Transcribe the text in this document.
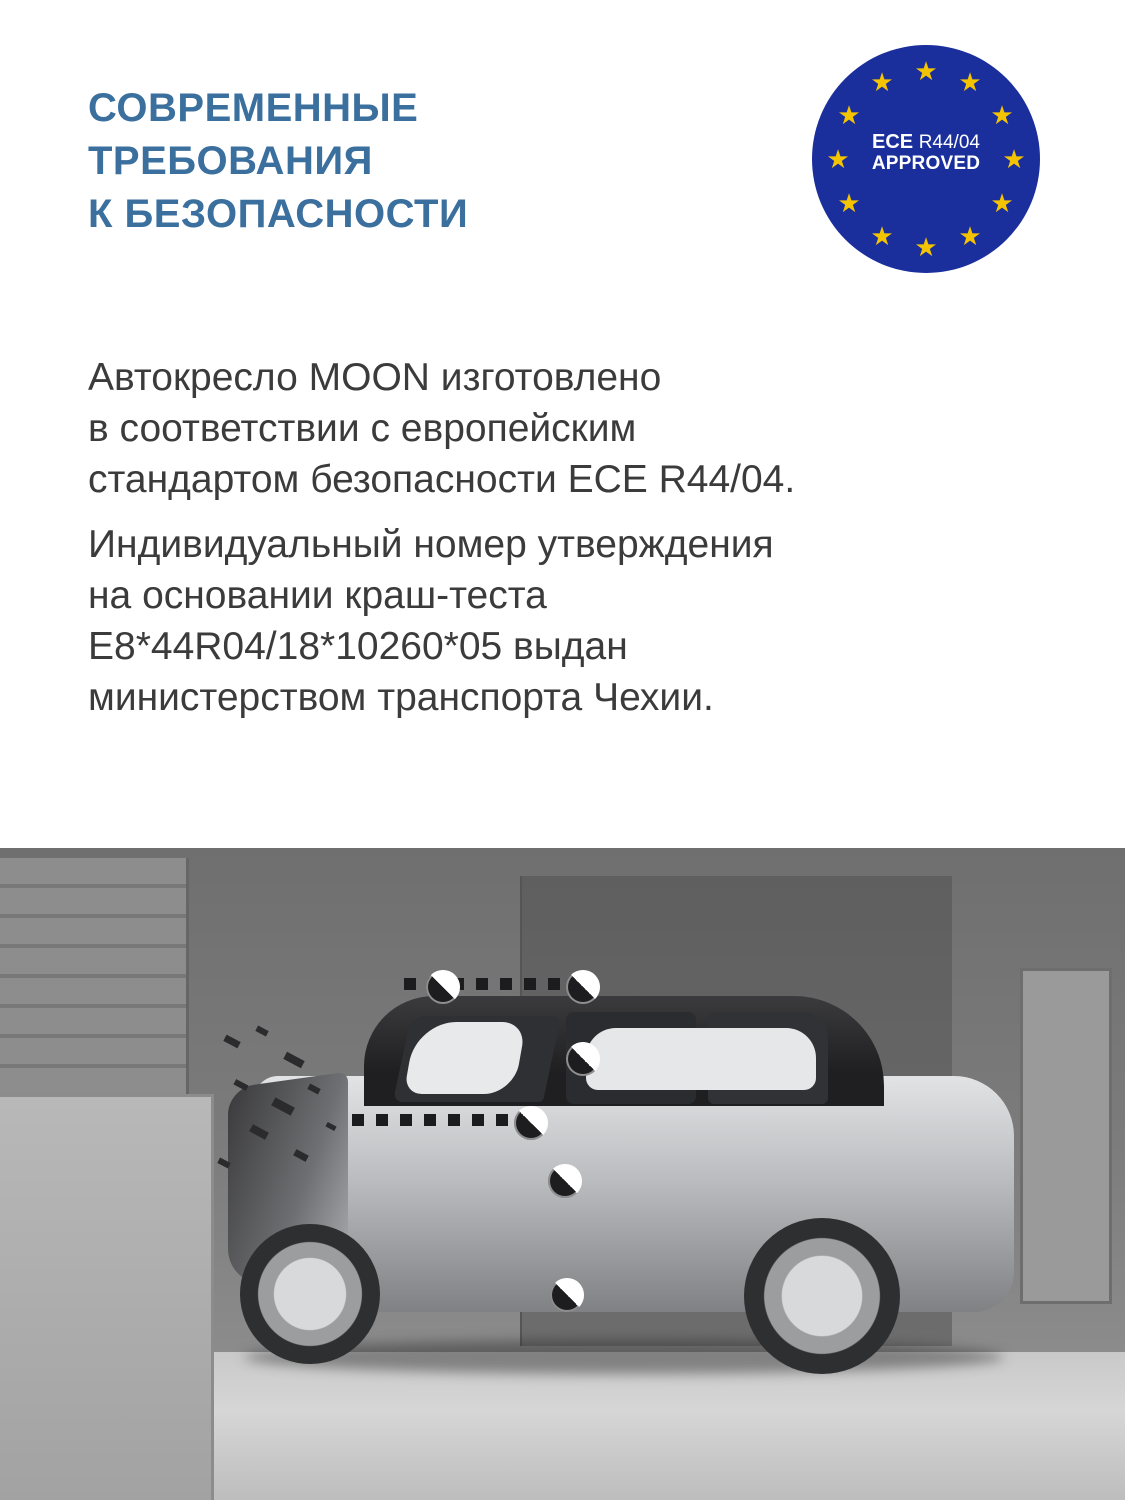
СОВРЕМЕННЫЕ
ТРЕБОВАНИЯ
К БЕЗОПАСНОСТИ
★ ★
★
★
★
★
★
★
★
★
★
★
ECE R44/04
APPROVED

Автокресло MOON изготовлено
в соответствии с европейским
стандартом безопасности ECE R44/04.

Индивидуальный номер утверждения
на основании краш-теста
E8*44R04/18*10260*05 выдан
министерством транспорта Чехии.
